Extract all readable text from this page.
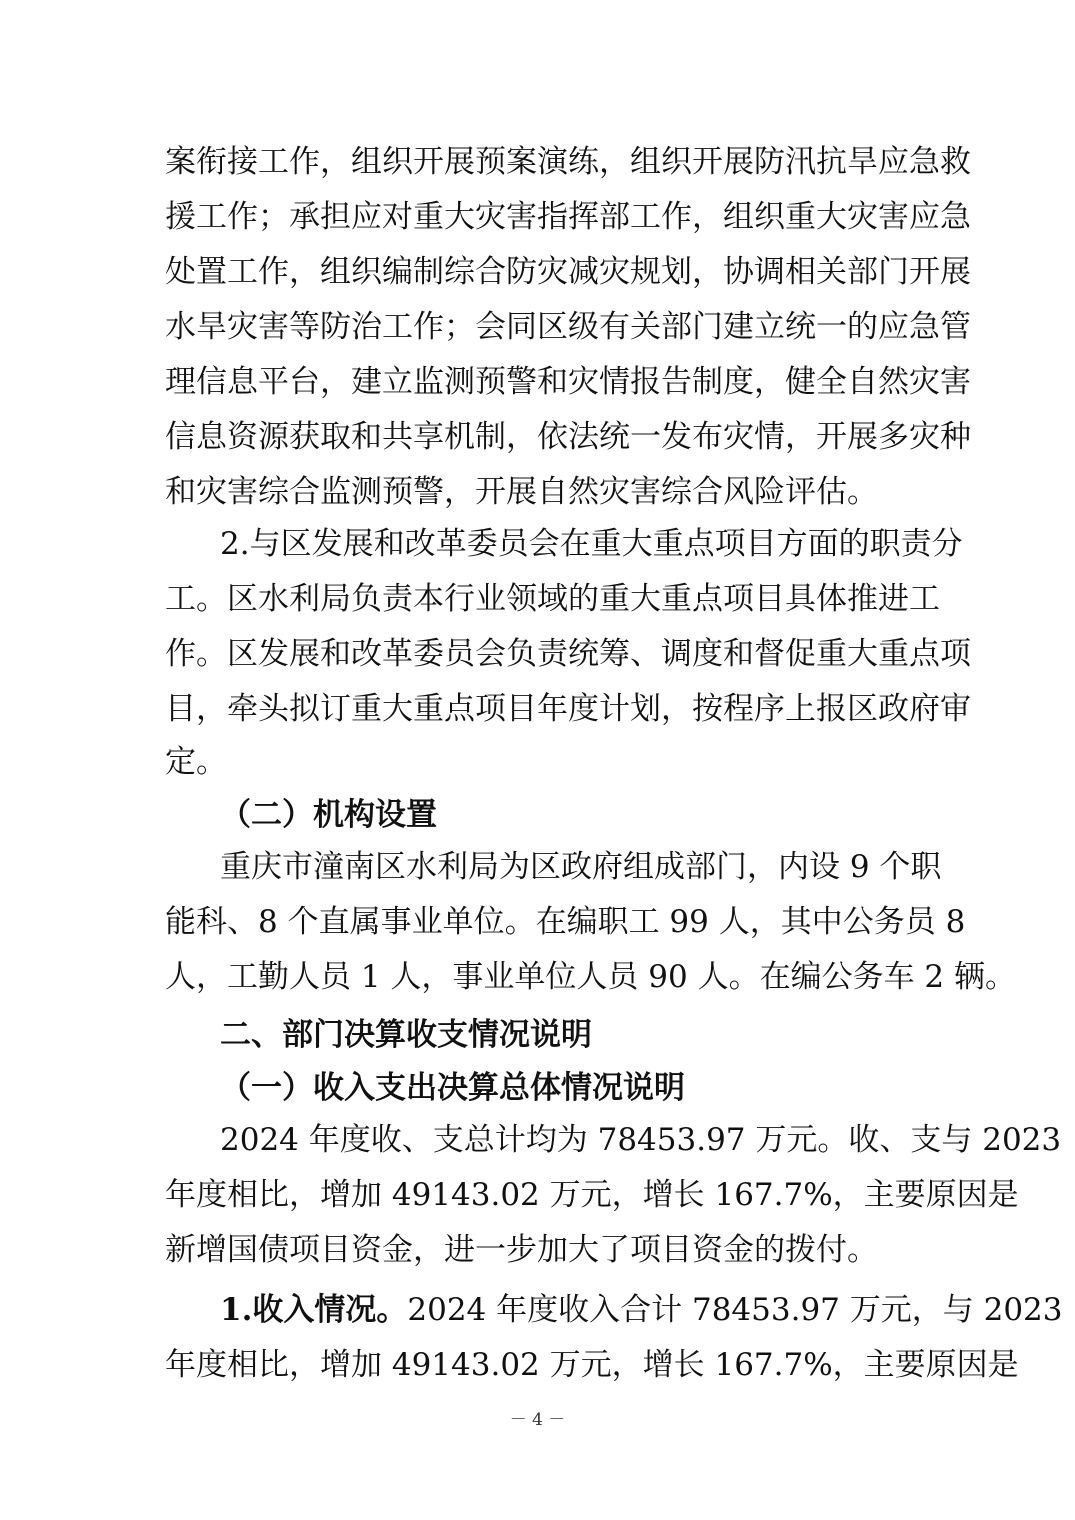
案衔接工作，组织开展预案演练，组织开展防汛抗旱应急救
援工作；承担应对重大灾害指挥部工作，组织重大灾害应急
处置工作，组织编制综合防灾减灾规划，协调相关部门开展
水旱灾害等防治工作；会同区级有关部门建立统一的应急管
理信息平台，建立监测预警和灾情报告制度，健全自然灾害
信息资源获取和共享机制，依法统一发布灾情，开展多灾种
和灾害综合监测预警，开展自然灾害综合风险评估。
2.与区发展和改革委员会在重大重点项目方面的职责分
工。区水利局负责本行业领域的重大重点项目具体推进工
作。区发展和改革委员会负责统筹、调度和督促重大重点项
目，牵头拟订重大重点项目年度计划，按程序上报区政府审
定。
（二）机构设置
重庆市潼南区水利局为区政府组成部门，内设 9 个职
能科、8 个直属事业单位。在编职工 99 人，其中公务员 8
人，工勤人员 1 人，事业单位人员 90 人。在编公务车 2 辆。
二、部门决算收支情况说明
（一）收入支出决算总体情况说明
2024 年度收、支总计均为 78453.97 万元。收、支与 2023
年度相比，增加 49143.02 万元，增长 167.7%，主要原因是
新增国债项目资金，进一步加大了项目资金的拨付。
1.收入情况。2024 年度收入合计 78453.97 万元，与 2023
年度相比，增加 49143.02 万元，增长 167.7%，主要原因是
－ 4 －
